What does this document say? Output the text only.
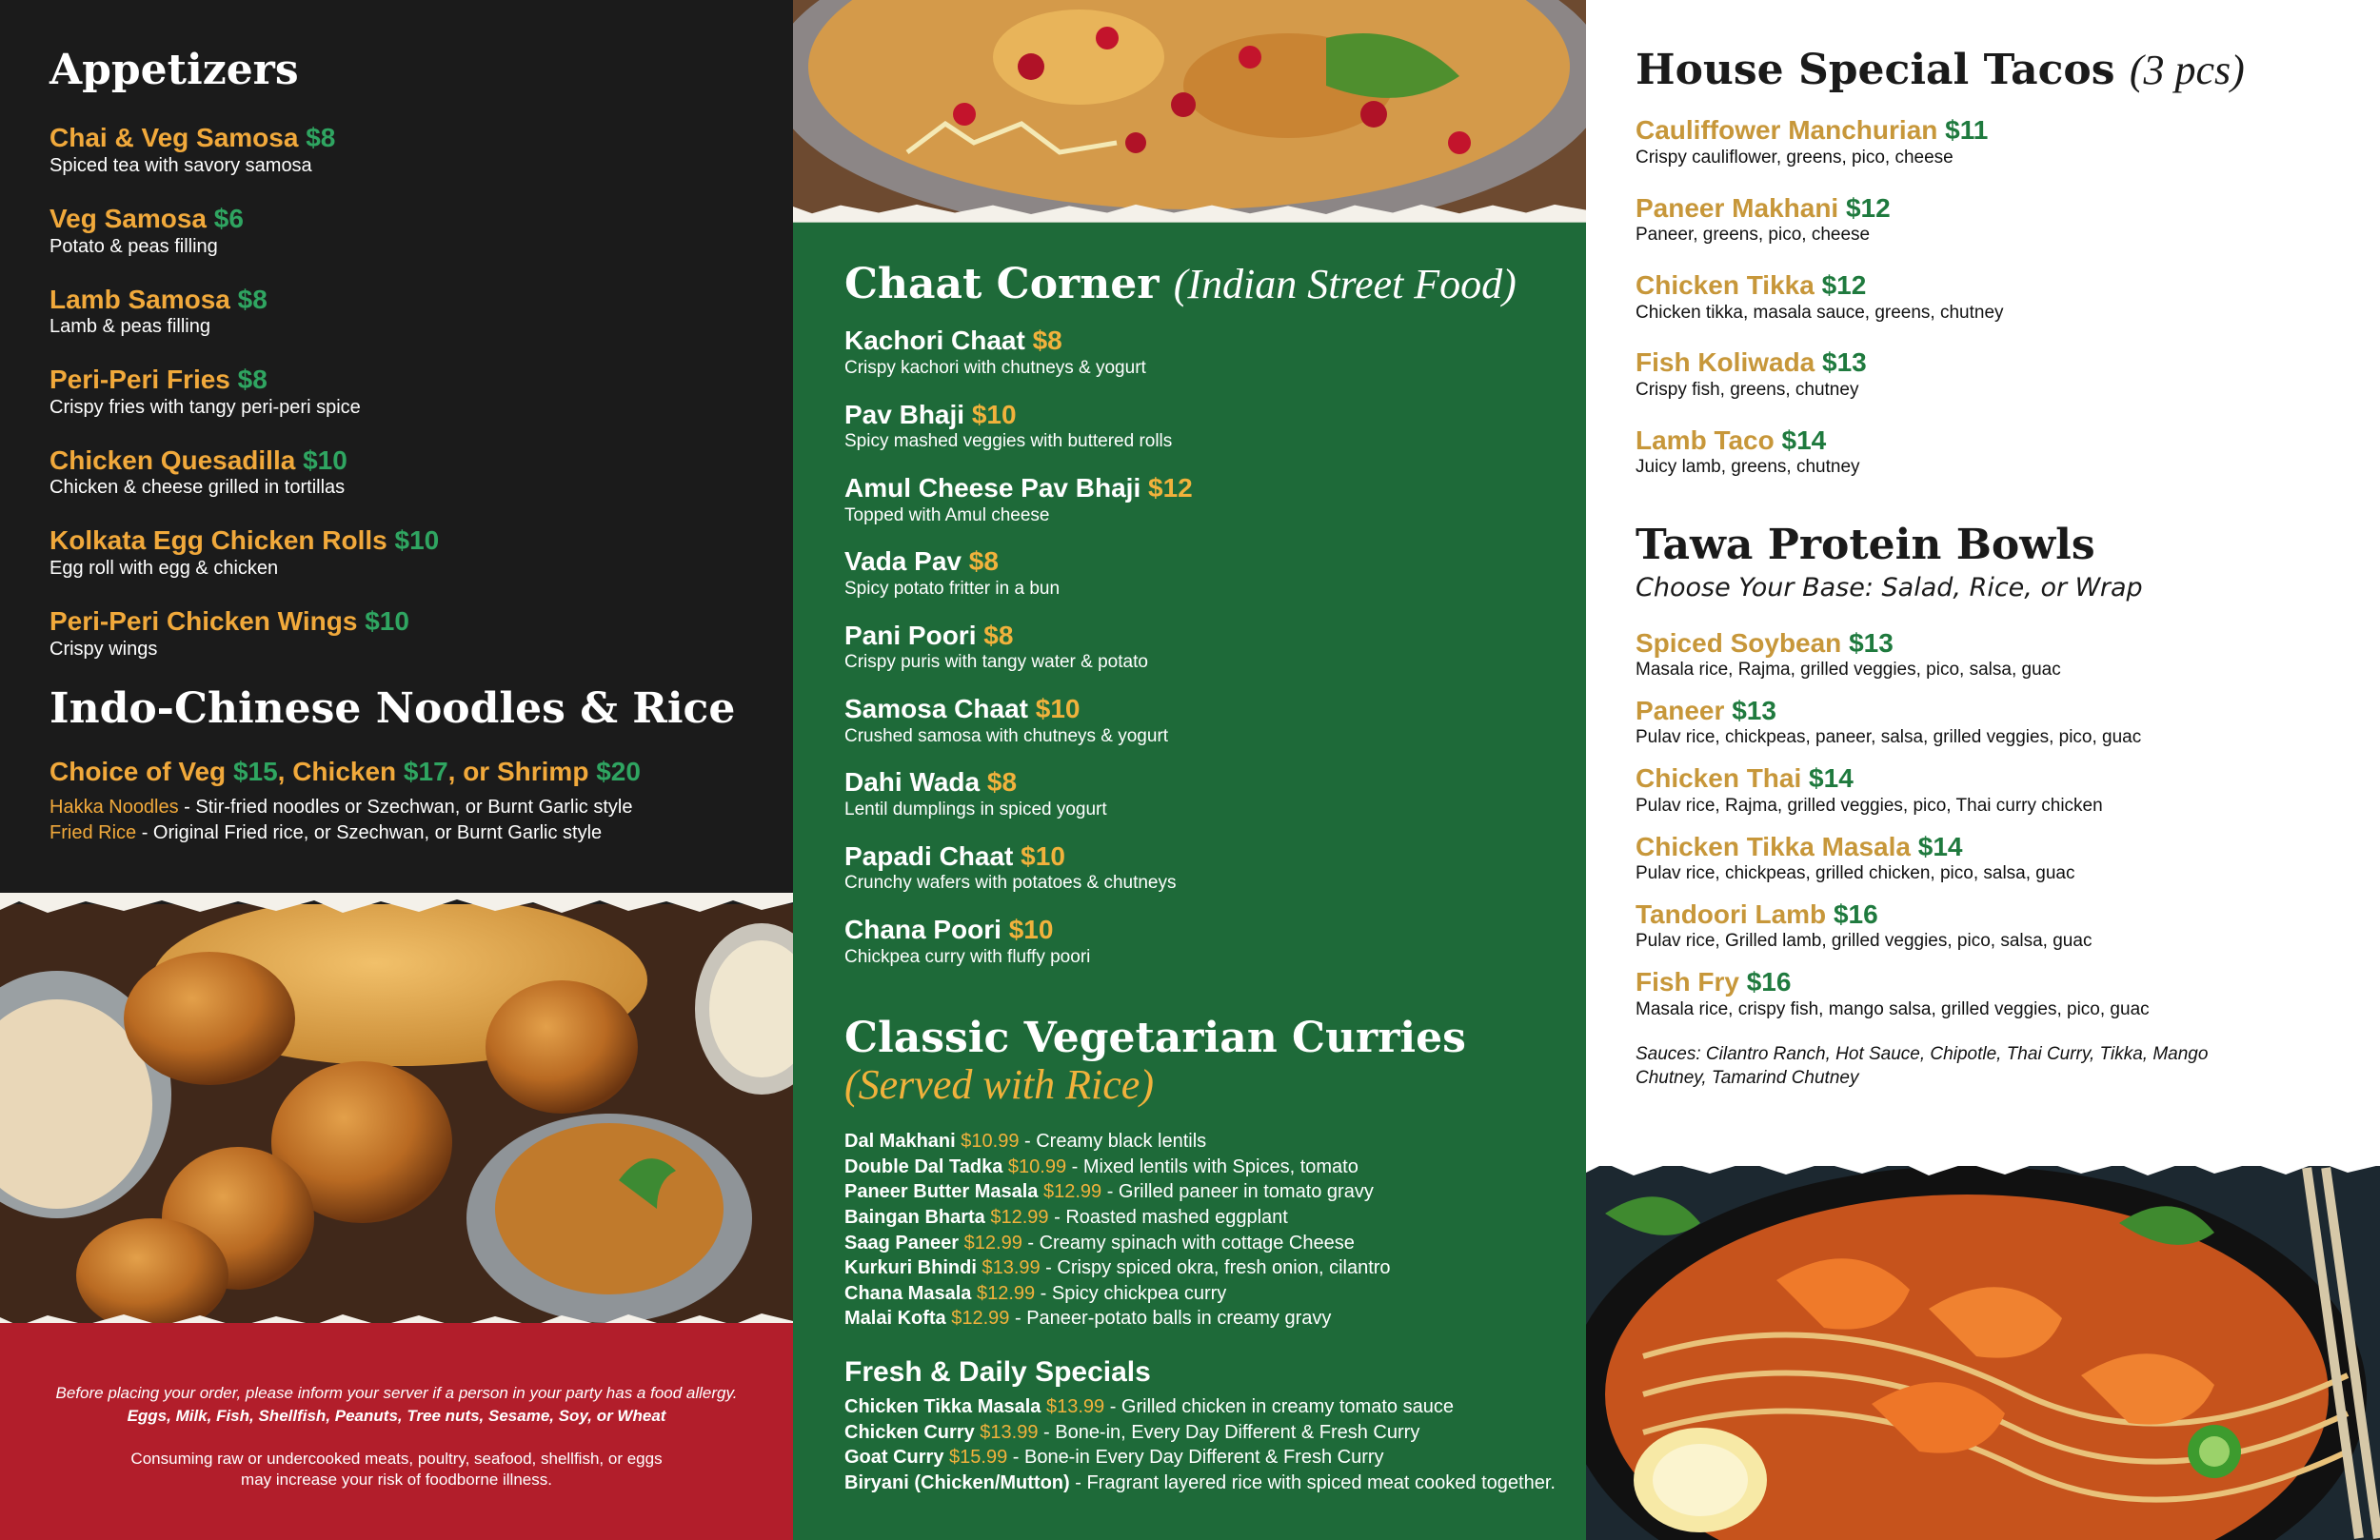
Appetizers
Chai & Veg Samosa $8
Spiced tea with savory samosa
Veg Samosa $6
Potato & peas filling
Lamb Samosa $8
Lamb & peas filling
Peri-Peri Fries $8
Crispy fries with tangy peri-peri spice
Chicken Quesadilla $10
Chicken & cheese grilled in tortillas
Kolkata Egg Chicken Rolls $10
Egg roll with egg & chicken
Peri-Peri Chicken Wings $10
Crispy wings
Indo-Chinese Noodles & Rice
Choice of Veg $15, Chicken $17, or Shrimp $20
Hakka Noodles - Stir-fried noodles or Szechwan, or Burnt Garlic style
Fried Rice - Original Fried rice, or Szechwan, or Burnt Garlic style
Before placing your order, please inform your server if a person in your party has a food allergy.
Eggs, Milk, Fish, Shellfish, Peanuts, Tree nuts, Sesame, Soy, or Wheat
Consuming raw or undercooked meats, poultry, seafood, shellfish, or eggs
may increase your risk of foodborne illness.
Chaat Corner (Indian Street Food)
Kachori Chaat $8
Crispy kachori with chutneys & yogurt
Pav Bhaji $10
Spicy mashed veggies with buttered rolls
Amul Cheese Pav Bhaji $12
Topped with Amul cheese
Vada Pav $8
Spicy potato fritter in a bun
Pani Poori $8
Crispy puris with tangy water & potato
Samosa Chaat $10
Crushed samosa with chutneys & yogurt
Dahi Wada $8
Lentil dumplings in spiced yogurt
Papadi Chaat $10
Crunchy wafers with potatoes & chutneys
Chana Poori $10
Chickpea curry with fluffy poori
Classic Vegetarian Curries
(Served with Rice)
Dal Makhani $10.99 - Creamy black lentils
Double Dal Tadka $10.99 - Mixed lentils with Spices, tomato
Paneer Butter Masala $12.99 - Grilled paneer in tomato gravy
Baingan Bharta $12.99 - Roasted mashed eggplant
Saag Paneer $12.99 - Creamy spinach with cottage Cheese
Kurkuri Bhindi $13.99 - Crispy spiced okra, fresh onion, cilantro
Chana Masala $12.99 - Spicy chickpea curry
Malai Kofta $12.99 - Paneer-potato balls in creamy gravy
Fresh & Daily Specials
Chicken Tikka Masala $13.99 - Grilled chicken in creamy tomato sauce
Chicken Curry $13.99 - Bone-in, Every Day Different & Fresh Curry
Goat Curry $15.99 - Bone-in Every Day Different & Fresh Curry
Biryani (Chicken/Mutton) - Fragrant layered rice with spiced meat cooked together.
House Special Tacos (3 pcs)
Cauliffower Manchurian $11
Crispy cauliflower, greens, pico, cheese
Paneer Makhani $12
Paneer, greens, pico, cheese
Chicken Tikka $12
Chicken tikka, masala sauce, greens, chutney
Fish Koliwada $13
Crispy fish, greens, chutney
Lamb Taco $14
Juicy lamb, greens, chutney
Tawa Protein Bowls
Choose Your Base: Salad, Rice, or Wrap
Spiced Soybean $13
Masala rice, Rajma, grilled veggies, pico, salsa, guac
Paneer $13
Pulav rice, chickpeas, paneer, salsa, grilled veggies, pico, guac
Chicken Thai $14
Pulav rice, Rajma, grilled veggies, pico, Thai curry chicken
Chicken Tikka Masala $14
Pulav rice, chickpeas, grilled chicken, pico, salsa, guac
Tandoori Lamb $16
Pulav rice, Grilled lamb, grilled veggies, pico, salsa, guac
Fish Fry $16
Masala rice, crispy fish, mango salsa, grilled veggies, pico, guac
Sauces: Cilantro Ranch, Hot Sauce, Chipotle, Thai Curry, Tikka, Mango Chutney, Tamarind Chutney
